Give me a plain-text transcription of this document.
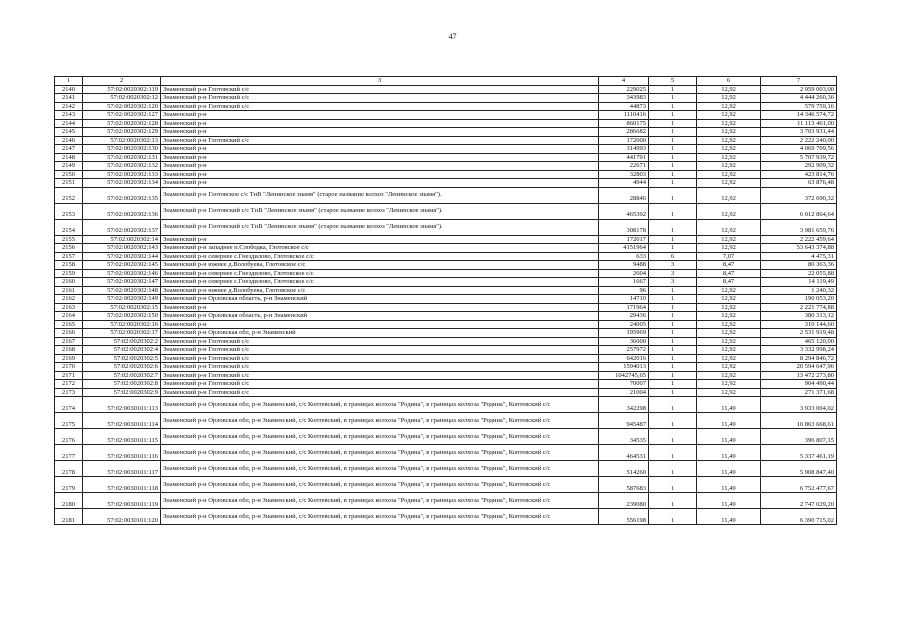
47
1	2	3	4	5	6	7
2140	57:02:0020302:119	Знаменский р-н Глотовский с/с	229025	1	12,92	2 959 003,00
2141	57:02:0020302:12	Знаменский р-н Глотовский с/с	343983	1	12,92	4 444 260,36
2142	57:02:0020302:120	Знаменский р-н Глотовский с/с	44873	1	12,92	579 759,16
2143	57:02:0020302:127	Знаменский р-н	1110416	1	12,92	14 346 574,72
2144	57:02:0020302:128	Знаменский р-н	860175	1	12,92	11 113 461,00
2145	57:02:0020302:129	Знаменский р-н	286682	1	12,92	3 703 931,44
2146	57:02:0020302:13	Знаменский р-н Глотовский с/с	172000	1	12,92	2 222 240,00
2147	57:02:0020302:130	Знаменский р-н	314993	1	12,92	4 069 709,56
2148	57:02:0020302:131	Знаменский р-н	441791	1	12,92	5 707 939,72
2149	57:02:0020302:132	Знаменский р-н	22671	1	12,92	292 909,32
2150	57:02:0020302:133	Знаменский р-н	32803	1	12,92	423 814,76
2151	57:02:0020302:134	Знаменский р-н	4944	1	12,92	63 876,48
2152	57:02:0020302:135	Знаменский р-н Глотовское с/с ТнВ "Ленинское знамя" (старое название колхоз "Ленинское знамя").	28846	1	12,92	372 690,32
2153	57:02:0020302:136	Знаменский р-н Глотовский с/с ТнВ "Ленинское знамя" (старое название колхоз "Ленинское знамя").	465392	1	12,92	6 012 864,64
2154	57:02:0020302:137	Знаменский р-н Глотовский с/с ТнВ "Ленинское знамя" (старое название колхоз "Ленинское знамя").	308178	1	12,92	3 981 659,76
2155	57:02:0020302:14	Знаменский р-н	172017	1	12,92	2 222 459,64
2156	57:02:0020302:143	Знаменский р-н западнее п.Слободка, Глотовское с/с	4151964	1	12,92	53 643 374,88
2157	57:02:0020302:144	Знаменский р-н севернее с.Гнездилово, Глотовское с/с	633	6	7,07	4 475,31
2158	57:02:0020302:145	Знаменский р-н южнее д.Волобуева, Глотовское с/с	9488	3	8,47	80 363,36
2159	57:02:0020302:146	Знаменский р-н севернее с.Гнездилово, Глотовское с/с	2604	3	8,47	22 055,88
2160	57:02:0020302:147	Знаменский р-н севернее с.Гнездилово, Глотовское с/с	1667	3	8,47	14 119,49
2161	57:02:0020302:148	Знаменский р-н южнее д.Волобуева, Глотовское с/с	96	1	12,92	1 240,32
2162	57:02:0020302:149	Знаменский р-н Орловская область, р-н Знаменский	14710	1	12,92	190 053,20
2163	57:02:0020302:15	Знаменский р-н	171964	1	12,92	2 221 774,88
2164	57:02:0020302:150	Знаменский р-н Орловская область, р-н Знаменский	29436	1	12,92	380 313,12
2165	57:02:0020302:16	Знаменский р-н	24005	1	12,92	310 144,60
2166	57:02:0020302:17	Знаменский р-н Орловская обл, р-н Знаменский	195969	1	12,92	2 531 919,48
2167	57:02:0020302:2	Знаменский р-н Глотовский с/с	36000	1	12,92	465 120,00
2168	57:02:0020302:4	Знаменский р-н Глотовский с/с	257972	1	12,92	3 332 998,24
2169	57:02:0020302:5	Знаменский р-н Глотовский с/с	642016	1	12,92	8 294 846,72
2170	57:02:0020302:6	Знаменский р-н Глотовский с/с	1594013	1	12,92	20 594 647,96
2171	57:02:0020302:7	Знаменский р-н Глотовский с/с	1042745,65	1	12,92	13 472 273,80
2172	57:02:0020302:8	Знаменский р-н Глотовский с/с	70007	1	12,92	904 490,44
2173	57:02:0020302:9	Знаменский р-н Глотовский с/с	21004	1	12,92	271 371,68
2174	57:02:0030101:113	Знаменский р-н Орловская обл, р-н Знаменский, с/с Коптевский, в границах колхоза "Родина", в границах колхоза "Родина", Коптевский с/с	342298	1	11,49	3 933 004,02
2175	57:02:0030101:114	Знаменский р-н Орловская обл, р-н Знаменский, с/с Коптевский, в границах колхоза "Родина", в границах колхоза "Родина", Коптевский с/с	945487	1	11,49	10 863 668,61
2176	57:02:0030101:115	Знаменский р-н Орловская обл, р-н Знаменский, с/с Коптевский, в границах колхоза "Родина", в границах колхоза "Родина", Коптевский с/с	34535	1	11,49	396 807,15
2177	57:02:0030101:116	Знаменский р-н Орловская обл, р-н Знаменский, с/с Коптевский, в границах колхоза "Родина", в границах колхоза "Родина", Коптевский с/с	464531	1	11,49	5 337 461,19
2178	57:02:0030101:117	Знаменский р-н Орловская обл, р-н Знаменский, с/с Коптевский, в границах колхоза "Родина", в границах колхоза "Родина", Коптевский с/с	514260	1	11,49	5 908 847,40
2179	57:02:0030101:118	Знаменский р-н Орловская обл, р-н Знаменский, с/с Коптевский, в границах колхоза "Родина", в границах колхоза "Родина", Коптевский с/с	587683	1	11,49	6 752 477,67
2180	57:02:0030101:119	Знаменский р-н Орловская обл, р-н Знаменский, с/с Коптевский, в границах колхоза "Родина", в границах колхоза "Родина", Коптевский с/с	239080	1	11,49	2 747 029,20
2181	57:02:0030101:120	Знаменский р-н Орловская обл, р-н Знаменский, с/с Коптевский, в границах колхоза "Родина", в границах колхоза "Родина", Коптевский с/с	556198	1	11,49	6 390 715,02
